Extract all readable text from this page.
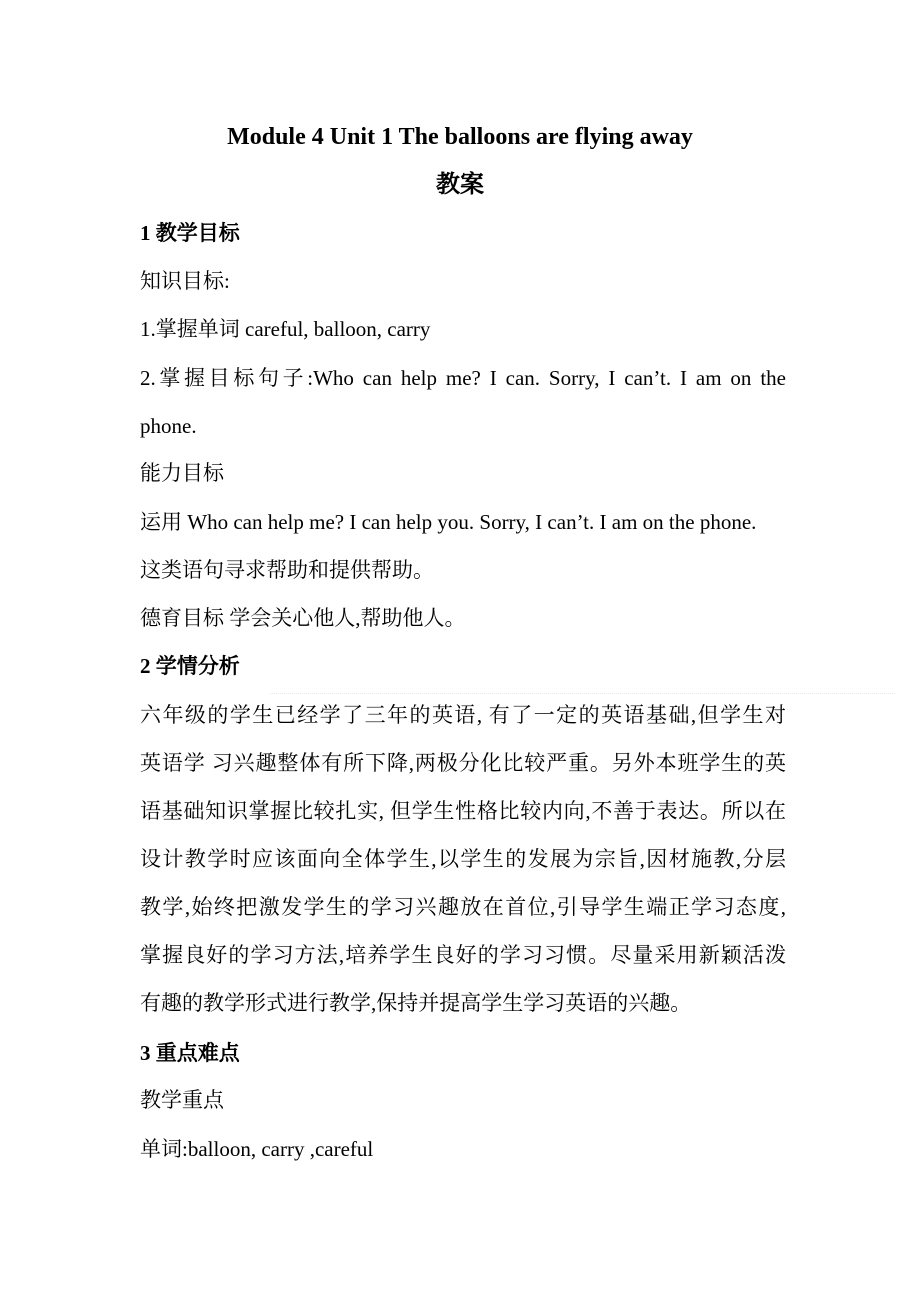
Module 4 Unit 1 The balloons are flying away
教案
1 教学目标
知识目标:
1.掌握单词 careful, balloon, carry
2.掌握目标句子:Who can help me? I can. Sorry, I can’t. I am on the
phone.
能力目标
运用 Who can help me? I can help you. Sorry, I can’t. I am on the phone.
这类语句寻求帮助和提供帮助。
德育目标 学会关心他人,帮助他人。
2 学情分析
六年级的学生已经学了三年的英语, 有了一定的英语基础,但学生对
英语学 习兴趣整体有所下降,两极分化比较严重。另外本班学生的英
语基础知识掌握比较扎实, 但学生性格比较内向,不善于表达。所以在
设计教学时应该面向全体学生,以学生的发展为宗旨,因材施教,分层
教学,始终把激发学生的学习兴趣放在首位,引导学生端正学习态度,
掌握良好的学习方法,培养学生良好的学习习惯。尽量采用新颖活泼
有趣的教学形式进行教学,保持并提高学生学习英语的兴趣。
3 重点难点
教学重点
单词:balloon, carry ,careful
